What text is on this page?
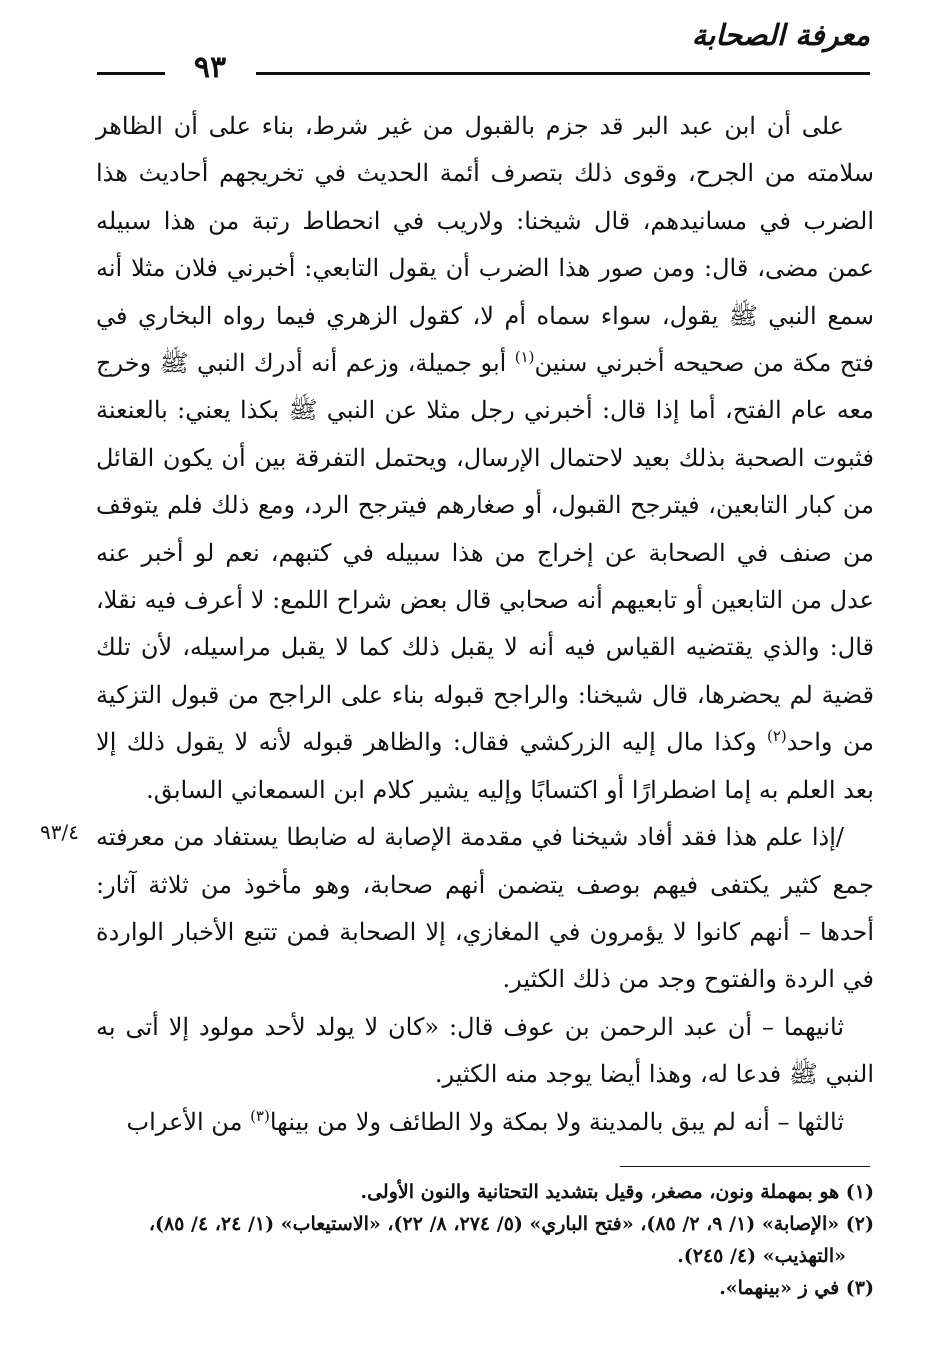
معرفة الصحابة
٩٣
٩٣/٤

على أن ابن عبد البر قد جزم بالقبول من غير شرط، بناء على أن الظاهر سلامته من الجرح، وقوى ذلك بتصرف أئمة الحديث في تخريجهم أحاديث هذا الضرب في مسانيدهم، قال شيخنا: ولاريب في انحطاط رتبة من هذا سبيله عمن مضى، قال: ومن صور هذا الضرب أن يقول التابعي: أخبرني فلان مثلا أنه سمع النبي ﷺ يقول، سواء سماه أم لا، كقول الزهري فيما رواه البخاري في فتح مكة من صحيحه أخبرني سنين$^{(١)}$ أبو جميلة، وزعم أنه أدرك النبي ﷺ وخرج معه عام الفتح، أما إذا قال: أخبرني رجل مثلا عن النبي ﷺ بكذا يعني: بالعنعنة فثبوت الصحبة بذلك بعيد لاحتمال الإرسال، ويحتمل التفرقة بين أن يكون القائل من كبار التابعين، فيترجح القبول، أو صغارهم فيترجح الرد، ومع ذلك فلم يتوقف من صنف في الصحابة عن إخراج من هذا سبيله في كتبهم، نعم لو أخبر عنه عدل من التابعين أو تابعيهم أنه صحابي قال بعض شراح اللمع: لا أعرف فيه نقلا، قال: والذي يقتضيه القياس فيه أنه لا يقبل ذلك كما لا يقبل مراسيله، لأن تلك قضية لم يحضرها، قال شيخنا: والراجح قبوله بناء على الراجح من قبول التزكية من واحد$^{(٢)}$ وكذا مال إليه الزركشي فقال: والظاهر قبوله لأنه لا يقول ذلك إلا بعد العلم به إما اضطرارًا أو اكتسابًا وإليه يشير كلام ابن السمعاني السابق.

/إذا علم هذا فقد أفاد شيخنا في مقدمة الإصابة له ضابطا يستفاد من معرفته جمع كثير يكتفى فيهم بوصف يتضمن أنهم صحابة، وهو مأخوذ من ثلاثة آثار: أحدها – أنهم كانوا لا يؤمرون في المغازي، إلا الصحابة فمن تتبع الأخبار الواردة في الردة والفتوح وجد من ذلك الكثير.

ثانيهما – أن عبد الرحمن بن عوف قال: «كان لا يولد لأحد مولود إلا أتى به النبي ﷺ فدعا له، وهذا أيضا يوجد منه الكثير.

ثالثها – أنه لم يبق بالمدينة ولا بمكة ولا الطائف ولا من بينها$^{(٣)}$ من الأعراب

(١) هو بمهملة ونون، مصغر، وقيل بتشديد التحتانية والنون الأولى.
(٢) «الإصابة» (١/ ٩، ٢/ ٨٥)، «فتح الباري» (٥/ ٢٧٤، ٨/ ٢٢)، «الاستيعاب» (١/ ٢٤، ٤/ ٨٥)،
«التهذيب» (٤/ ٢٤٥).
(٣) في ز «بينهما».
